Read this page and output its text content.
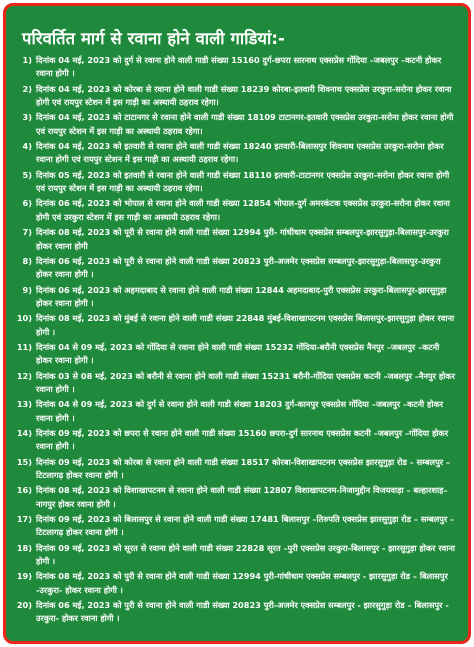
परिवर्तित मार्ग से रवाना होने वाली गाडियां:-
1) दिनांक 04 मई, 2023 को दुर्ग से रवाना होने वाली गाडी संख्या 15160 दुर्ग-छपरा सारनाथ एक्सप्रेस गोंदिया –जबलपुर –कटनी होकर रवाना होगी ।
2) दिनांक 04 मई, 2023 को कोरबा से रवाना होने वाली गाडी संख्या 18239 कोरबा-इतवारी शिवनाथ एक्सप्रेस उरकुरा-सरोना होकर रवाना होगी एवं रायपुर स्टेशन में इस गाड़ी का अस्थायी ठहराव रहेगा।
3) दिनांक 04 मई, 2023 को टाटानगर से रवाना होने वाली गाडी संख्या 18109 टाटानगर-इतवारी एक्सप्रेस उरकुरा-सरोना होकर रवाना होगी एवं रायपुर स्टेशन में इस गाड़ी का अस्थायी ठहराव रहेगा।
4) दिनांक 04 मई, 2023 को इतवारी से रवाना होने वाली गाडी संख्या 18240 इतवारी-बिलासपुर शिवनाथ एक्सप्रेस उरकुरा-सरोना होकर रवाना होगी एवं रायपुर स्टेशन में इस गाड़ी का अस्थायी ठहराव रहेगा।
5) दिनांक 05 मई, 2023 को इतवारी से रवाना होने वाली गाडी संख्या 18110 इतवारी-टाटानगर एक्सप्रेस उरकुरा-सरोना होकर रवाना होगी एवं रायपुर स्टेशन में इस गाड़ी का अस्थायी ठहराव रहेगा।
6) दिनांक 06 मई, 2023 को भोपाल से रवाना होने वाली गाडी संख्या 12854 भोपाल-दुर्ग अमरकंटक एक्सप्रेस उरकुरा-सरोना होकर रवाना होगी एवं उरकुरा स्टेशन में इस गाड़ी का अस्थायी ठहराव रहेगा।
7) दिनांक 08 मई, 2023 को पूरी से रवाना होने वाली गाडी संख्या 12994 पुरी- गांधीधाम एक्सप्रेस सम्बलपुर-झारसुगुड़ा-बिलासपुर-उरकुरा होकर रवाना होगी
8) दिनांक 06 मई, 2023 को पूरी से रवाना होने वाली गाडी संख्या 20823 पुरी-अजमेर एक्सप्रेस सम्बलपुर-झारसुगुड़ा-बिलासपुर-उरकुरा होकर रवाना होगी ।
9) दिनांक 06 मई, 2023 को अहमदाबाद से रवाना होने वाली गाडी संख्या 12844 अहमदाबाद-पुरी एक्सप्रेस उरकुरा-बिलासपुर-झारसुगुड़ा होकर रवाना होगी ।
10) दिनांक 08 मई, 2023 को मुंबई से रवाना होने वाली गाडी संख्या 22848 मुंबई-विशाखापटनम एक्सप्रेस बिलासपुर-झारसुगुड़ा होकर रवाना होगी ।
11) दिनांक 04 से 09 मई, 2023 को गोंदिया से रवाना होने वाली गाडी संख्या 15232 गोंदिया-बरौनी एक्सप्रेस नैनपुर –जबलपुर –कटनी होकर रवाना होगी ।
12) दिनांक 03 से 08 मई, 2023 को बरौनी से रवाना होने वाली गाडी संख्या 15231 बरौनी-गोंदिया एक्सप्रेस कटनी –जबलपुर –नैनपुर होकर रवाना होगी ।
13) दिनांक 04 से 09 मई, 2023 को दुर्ग से रवाना होने वाली गाडी संख्या 18203 दुर्ग-कानपुर एक्सप्रेस गोंदिया –जबलपुर –कटनी होकर रवाना होगी ।
14) दिनांक 09 मई, 2023 को छपरा से रवाना होने वाली गाडी संख्या 15160 छपरा-दुर्ग सारनाथ एक्सप्रेस कटनी –जबलपुर –गोंदिया होकर रवाना होगी ।
15) दिनांक 09 मई, 2023 को कोरबा से रवाना होने वाली गाडी संख्या 18517 कोरबा-विशाखापटनम एक्सप्रेस झारसुगुड़ा रोड – सम्बलपुर –टिटलागढ़ होकर रवाना होगी ।
16) दिनांक 08 मई, 2023 को विशाखापटनम से रवाना होने वाली गाडी संख्या 12807 विशाखापटनम-निजामुद्दीन विजयवाड़ा – बल्हारशाह–नागपुर होकर रवाना होगी ।
17) दिनांक 09 मई, 2023 को बिलासपुर से रवाना होने वाली गाडी संख्या 17481 बिलासपुर –तिरुपति एक्सप्रेस झारसुगुड़ा रोड – सम्बलपुर –टिटलागढ़ होकर रवाना होगी ।
18) दिनांक 09 मई, 2023 को सूरत से रवाना होने वाली गाडी संख्या 22828 सूरत –पुरी एक्सप्रेस उरकुरा-बिलासपुर - झारसुगुड़ा होकर रवाना होगी ।
19) दिनांक 08 मई, 2023 को पुरी से रवाना होने वाली गाडी संख्या 12994 पुरी-गांधीधाम एक्सप्रेस सम्बलपुर - झारसुगुड़ा रोड – बिलासपुर -उरकुरा- होकर रवाना होगी ।
20) दिनांक 06 मई, 2023 को पुरी से रवाना होने वाली गाडी संख्या 20823 पुरी-अजमेर एक्सप्रेस सम्बलपुर - झारसुगुड़ा रोड – बिलासपुर - उरकुरा- होकर रवाना होगी ।
